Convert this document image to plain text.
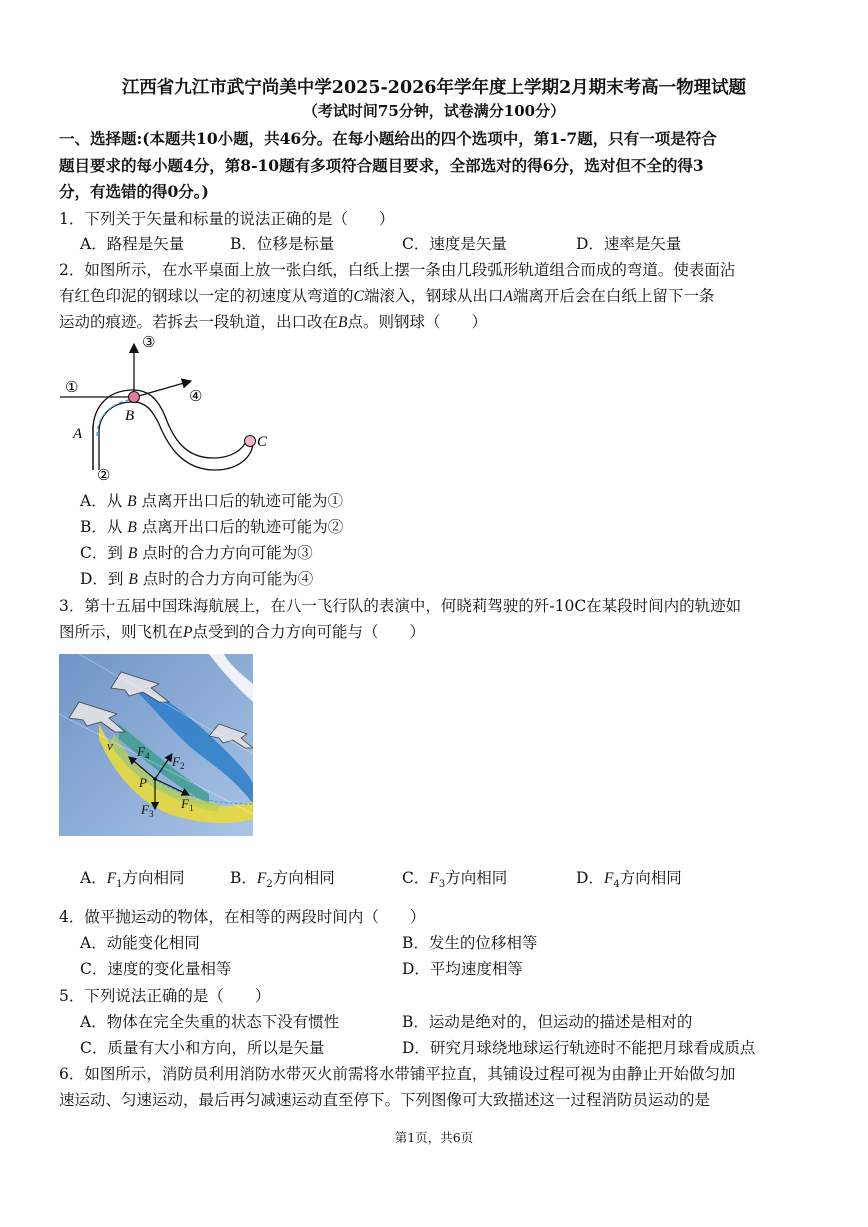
江西省九江市武宁尚美中学2025-2026年学年度上学期2月期末考高一物理试题
（考试时间75分钟，试卷满分100分）
一、选择题:(本题共10小题，共46分。在每小题给出的四个选项中，第1-7题，只有一项是符合
题目要求的每小题4分，第8-10题有多项符合题目要求，全部选对的得6分，选对但不全的得3
分，有选错的得0分。)
1．下列关于矢量和标量的说法正确的是（　　）
A．路程是矢量	B．位移是标量	C．速度是矢量	D．速率是矢量
2．如图所示，在水平桌面上放一张白纸，白纸上摆一条由几段弧形轨道组合而成的弯道。使表面沾
有红色印泥的钢球以一定的初速度从弯道的C端滚入，钢球从出口A端离开后会在白纸上留下一条
运动的痕迹。若拆去一段轨道，出口改在B点。则钢球（　　）
①
②
③
④
A
B
C
A．从 B 点离开出口后的轨迹可能为①
B．从 B 点离开出口后的轨迹可能为②
C．到 B 点时的合力方向可能为③
D．到 B 点时的合力方向可能为④
3．第十五届中国珠海航展上，在八一飞行队的表演中，何晓莉驾驶的歼-10C在某段时间内的轨迹如
图所示，则飞机在P点受到的合力方向可能与（　　）
v
P
$F_4$ $F_2$
$F_3$
$F_1$
A．$F_1$方向相同	B．$F_2$方向相同	C．$F_3$方向相同	D．$F_4$方向相同
4．做平抛运动的物体，在相等的两段时间内（　　）
A．动能变化相同	B．发生的位移相等
C．速度的变化量相等	D．平均速度相等
5．下列说法正确的是（　　）
A．物体在完全失重的状态下没有惯性	B．运动是绝对的，但运动的描述是相对的
C．质量有大小和方向，所以是矢量	D．研究月球绕地球运行轨迹时不能把月球看成质点
6．如图所示，消防员利用消防水带灭火前需将水带铺平拉直，其铺设过程可视为由静止开始做匀加
速运动、匀速运动，最后再匀减速运动直至停下。下列图像可大致描述这一过程消防员运动的是
第1页，共6页
